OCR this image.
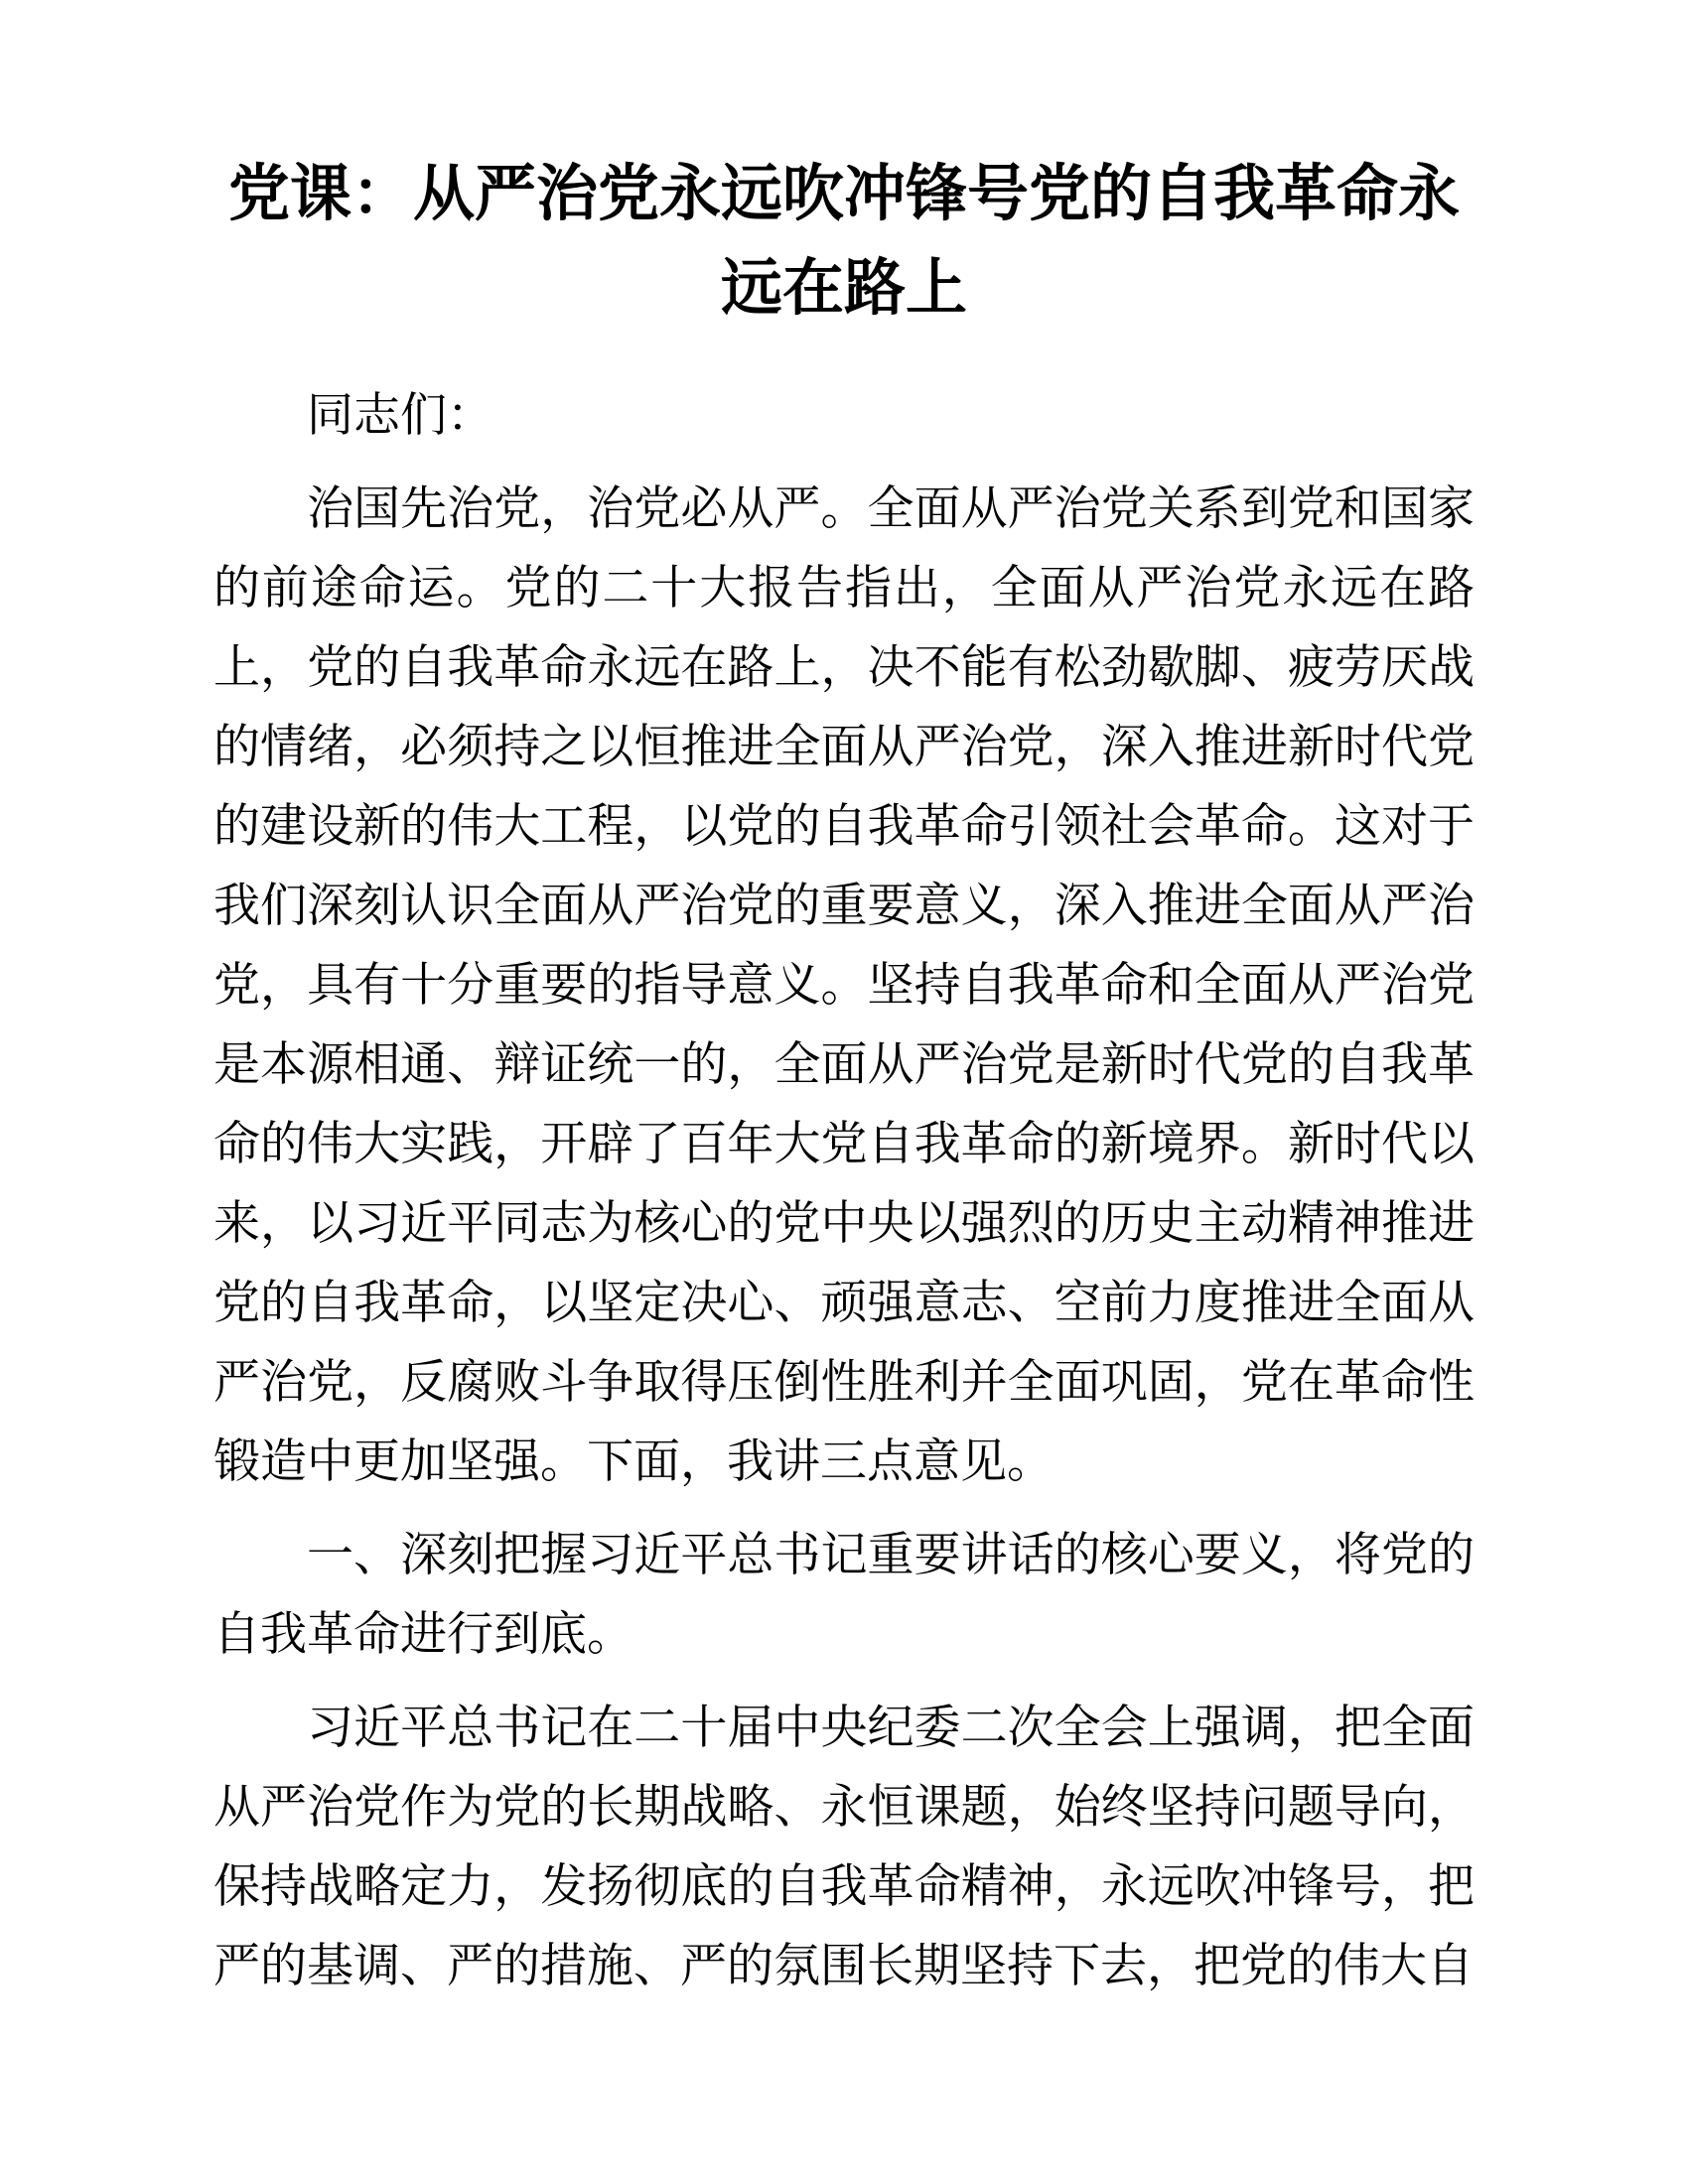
党课：从严治党永远吹冲锋号党的自我革命永远在路上

同志们：

治国先治党，治党必从严。全面从严治党关系到党和国家的前途命运。党的二十大报告指出，全面从严治党永远在路上，党的自我革命永远在路上，决不能有松劲歇脚、疲劳厌战的情绪，必须持之以恒推进全面从严治党，深入推进新时代党的建设新的伟大工程，以党的自我革命引领社会革命。这对于我们深刻认识全面从严治党的重要意义，深入推进全面从严治党，具有十分重要的指导意义。坚持自我革命和全面从严治党是本源相通、辩证统一的，全面从严治党是新时代党的自我革命的伟大实践，开辟了百年大党自我革命的新境界。新时代以来，以习近平同志为核心的党中央以强烈的历史主动精神推进党的自我革命，以坚定决心、顽强意志、空前力度推进全面从严治党，反腐败斗争取得压倒性胜利并全面巩固，党在革命性锻造中更加坚强。下面，我讲三点意见。

一、深刻把握习近平总书记重要讲话的核心要义，将党的自我革命进行到底。

习近平总书记在二十届中央纪委二次全会上强调，把全面从严治党作为党的长期战略、永恒课题，始终坚持问题导向，保持战略定力，发扬彻底的自我革命精神，永远吹冲锋号，把严的基调、严的措施、严的氛围长期坚持下去，把党的伟大自
